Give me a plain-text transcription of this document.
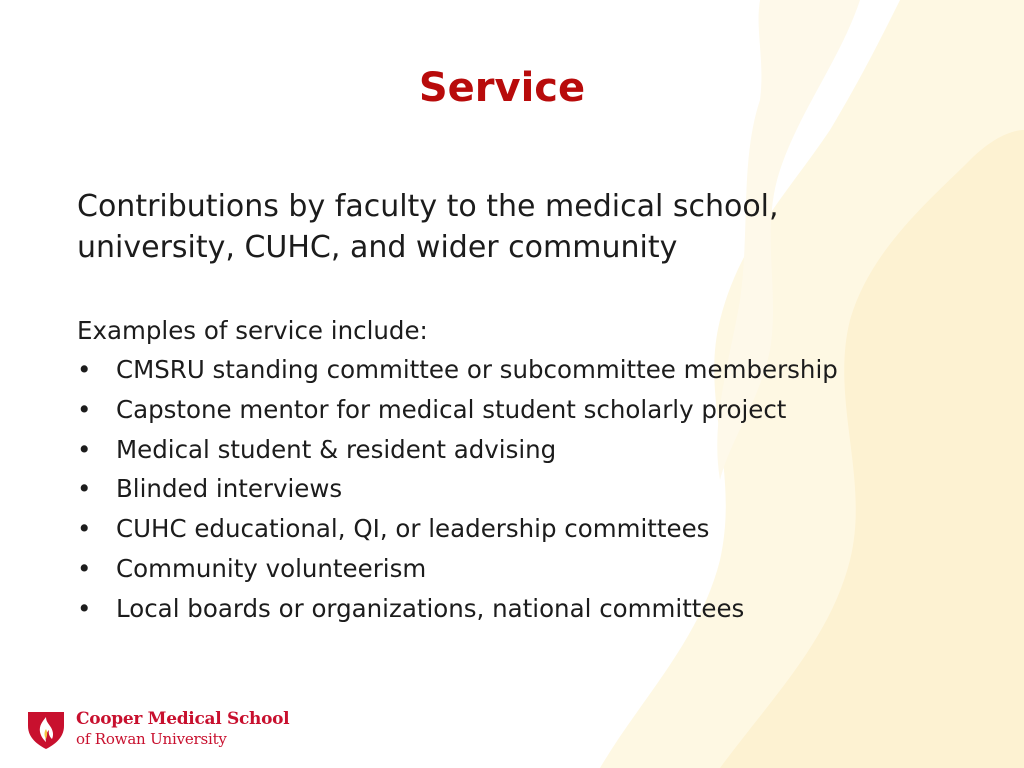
Service
Contributions by faculty to the medical school, university, CUHC, and wider community
Examples of service include:
• CMSRU standing committee or subcommittee membership
• Capstone mentor for medical student scholarly project
• Medical student & resident advising
• Blinded interviews
• CUHC educational, QI, or leadership committees
• Community volunteerism
• Local boards or organizations, national committees
Cooper Medical School
of Rowan University
